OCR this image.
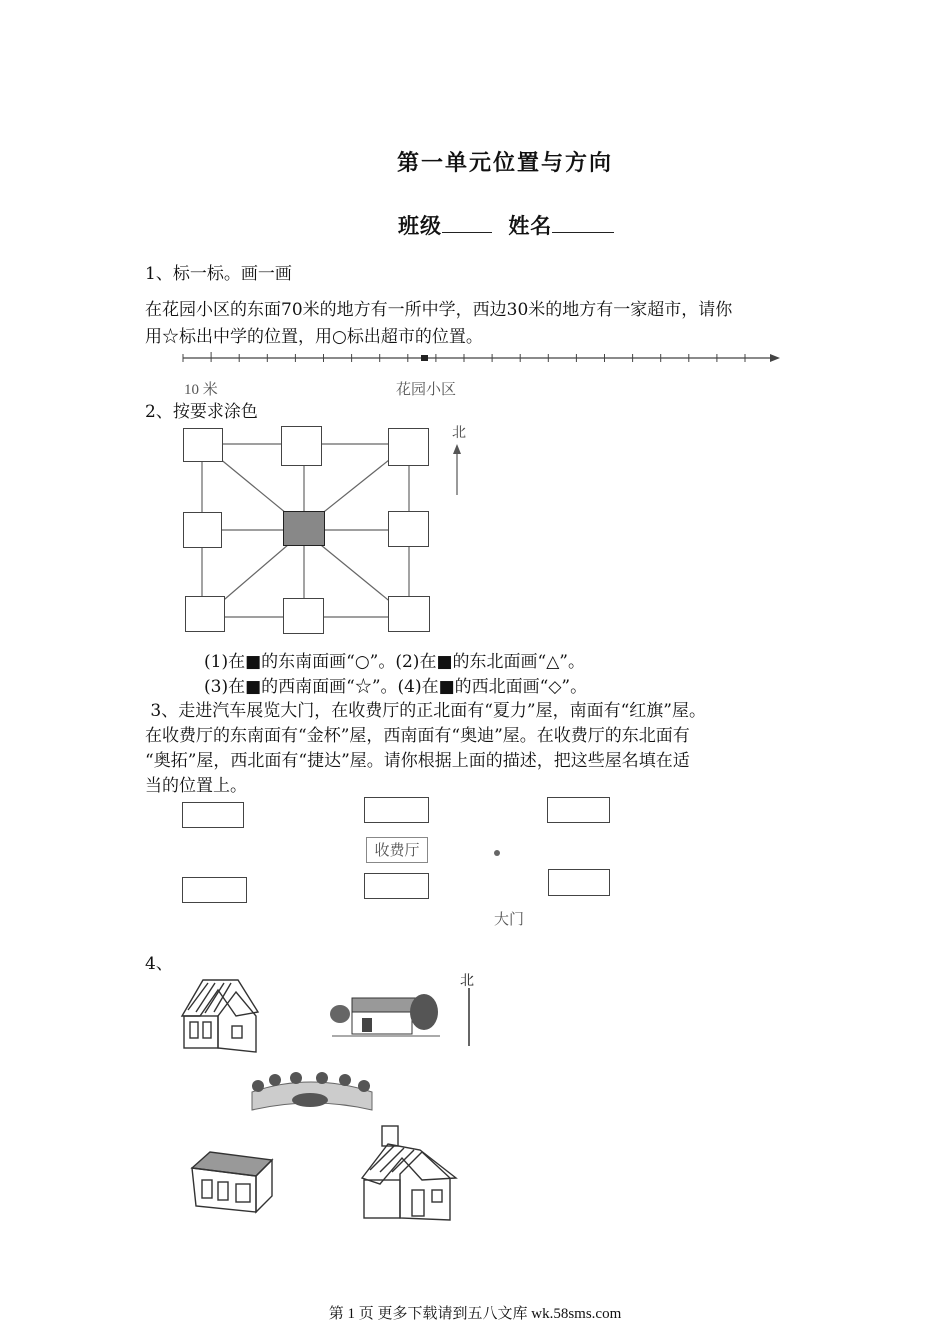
第一单元位置与方向
班级	姓名
1、标一标。画一画
在花园小区的东面70米的地方有一所中学，西边30米的地方有一家超市，请你
用☆标出中学的位置，用○标出超市的位置。
10 米	花园小区
2、按要求涂色
北
(1)在■的东南面画“○”。(2)在■的东北面画“△”。
(3)在■的西南面画“☆”。(4)在■的西北面画“◇”。
3、走进汽车展览大门，在收费厅的正北面有“夏力”屋，南面有“红旗”屋。
在收费厅的东南面有“金杯”屋，西南面有“奥迪”屋。在收费厅的东北面有
“奥拓”屋，西北面有“捷达”屋。请你根据上面的描述，把这些屋名填在适
当的位置上。
收费厅
大门
4、
北
第 1 页 更多下载请到五八文库 wk.58sms.com
